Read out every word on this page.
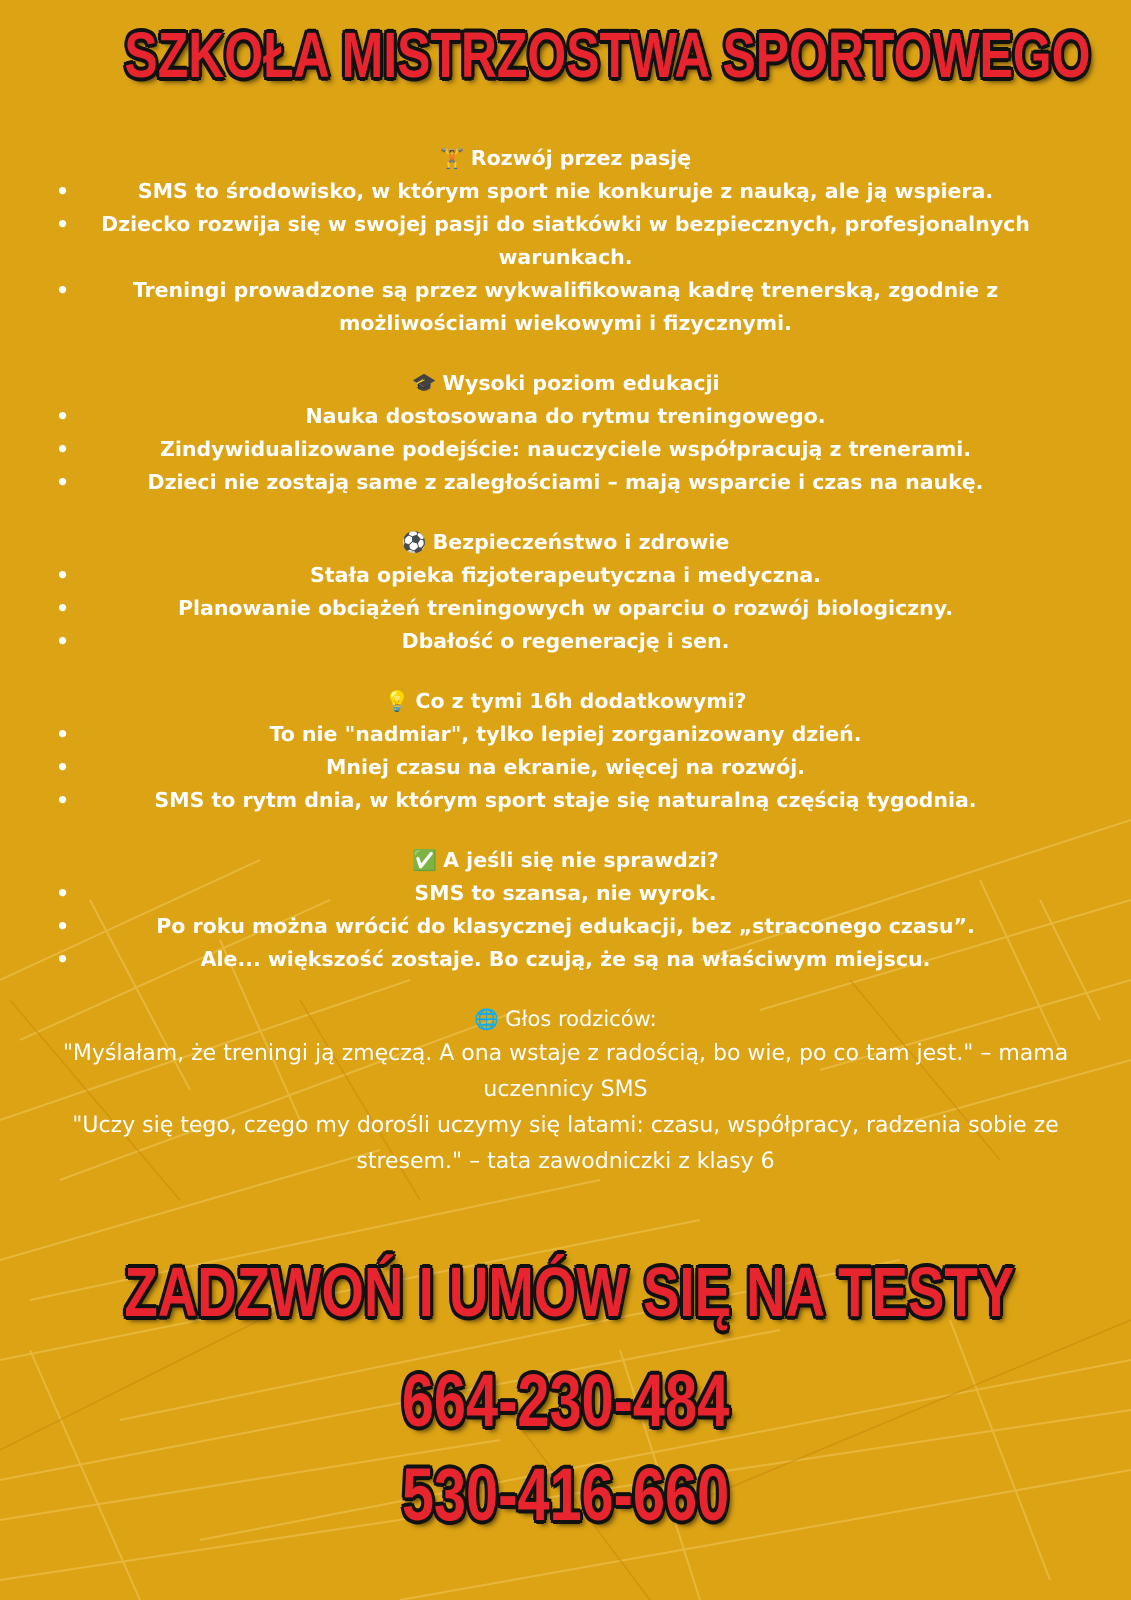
SZKOŁA MISTRZOSTWA SPORTOWEGO
🏋 Rozwój przez pasję
• SMS to środowisko, w którym sport nie konkuruje z nauką, ale ją wspiera.
• Dziecko rozwija się w swojej pasji do siatkówki w bezpiecznych, profesjonalnych warunkach.
• Treningi prowadzone są przez wykwalifikowaną kadrę trenerską, zgodnie z możliwościami wiekowymi i fizycznymi.
🎓 Wysoki poziom edukacji
• Nauka dostosowana do rytmu treningowego.
• Zindywidualizowane podejście: nauczyciele współpracują z trenerami.
• Dzieci nie zostają same z zaległościami – mają wsparcie i czas na naukę.
⚽ Bezpieczeństwo i zdrowie
• Stała opieka fizjoterapeutyczna i medyczna.
• Planowanie obciążeń treningowych w oparciu o rozwój biologiczny.
• Dbałość o regenerację i sen.
💡 Co z tymi 16h dodatkowymi?
• To nie "nadmiar", tylko lepiej zorganizowany dzień.
• Mniej czasu na ekranie, więcej na rozwój.
• SMS to rytm dnia, w którym sport staje się naturalną częścią tygodnia.
✅ A jeśli się nie sprawdzi?
• SMS to szansa, nie wyrok.
• Po roku można wrócić do klasycznej edukacji, bez „straconego czasu”.
• Ale... większość zostaje. Bo czują, że są na właściwym miejscu.
🌐 Głos rodziców:

"Myślałam, że treningi ją zmęczą. A ona wstaje z radością, bo wie, po co tam jest." – mama uczennicy SMS

"Uczy się tego, czego my dorośli uczymy się latami: czasu, współpracy, radzenia sobie ze stresem." – tata zawodniczki z klasy 6

ZADZWOŃ I UMÓW SIĘ NA TESTY
664-230-484
530-416-660
